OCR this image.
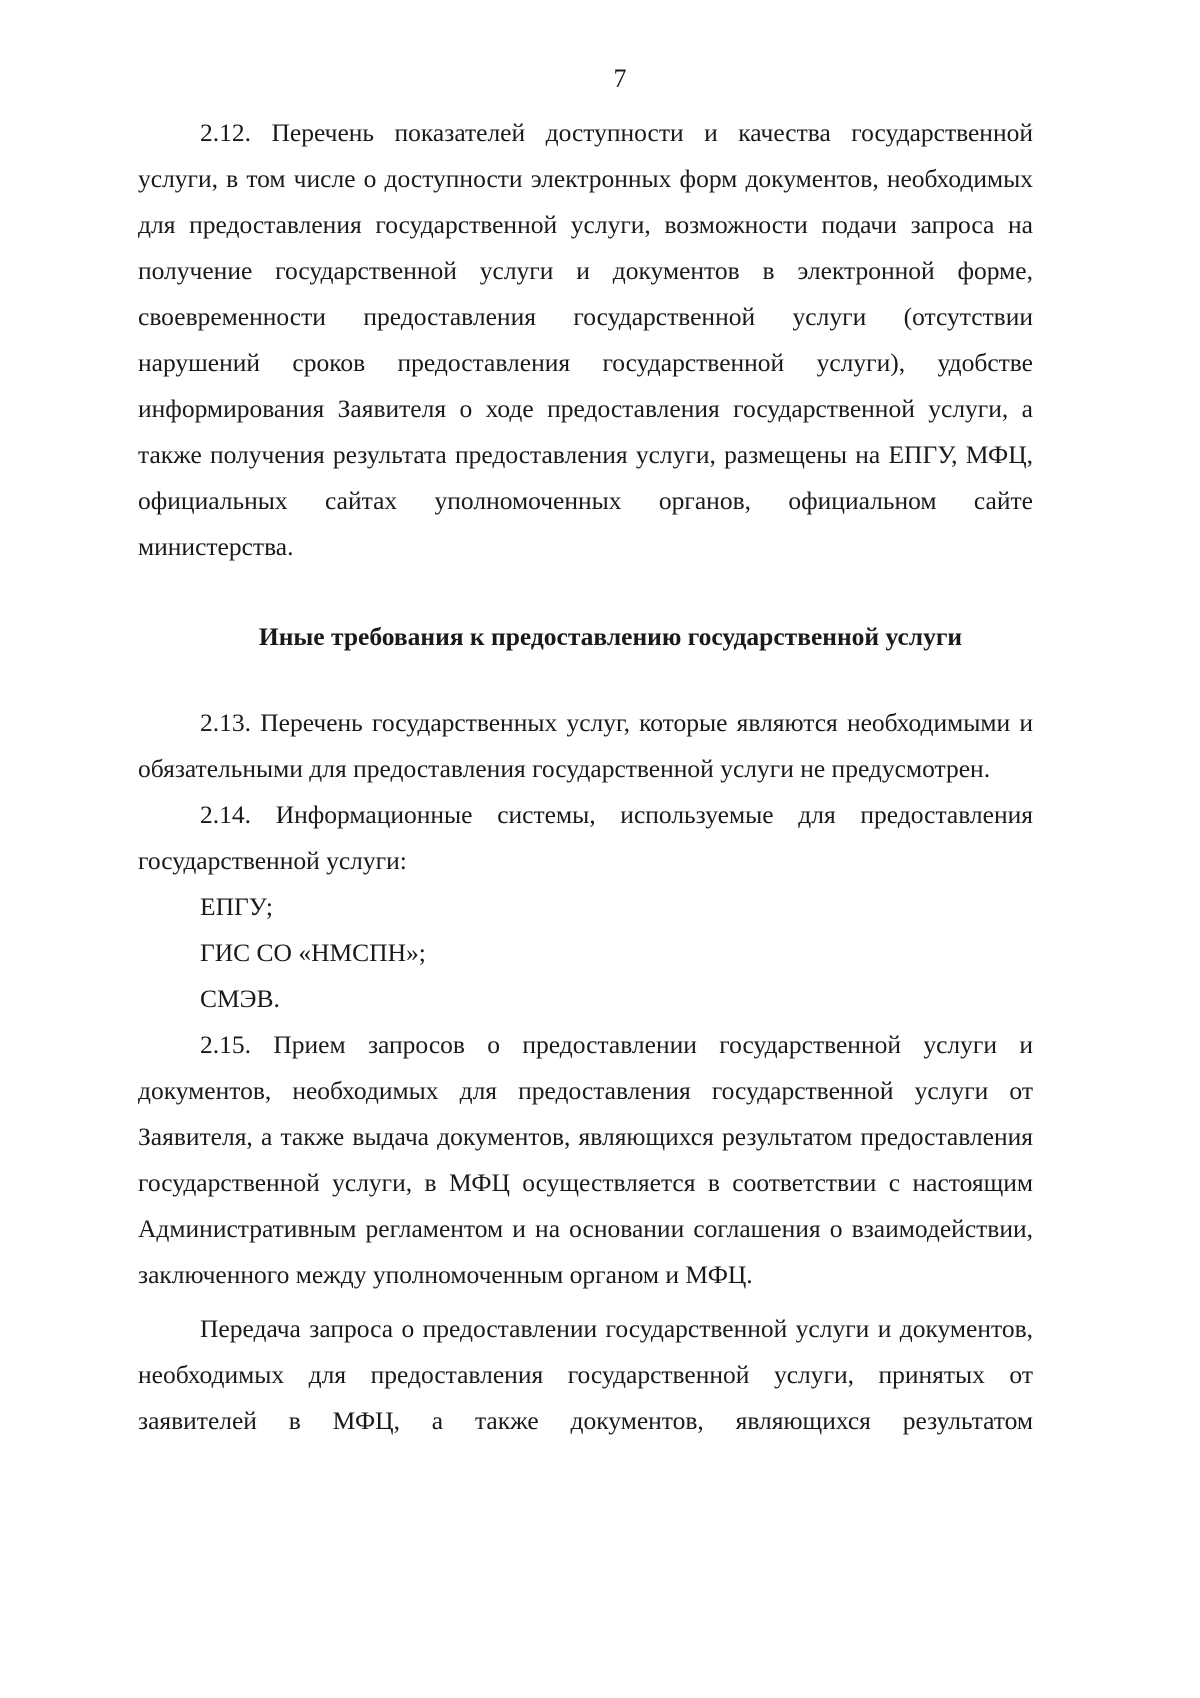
7

2.12. Перечень показателей доступности и качества государственной услуги, в том числе о доступности электронных форм документов, необходимых для предоставления государственной услуги, возможности подачи запроса на получение государственной услуги и документов в электронной форме, своевременности предоставления государственной услуги (отсутствии нарушений сроков предоставления государственной услуги), удобстве информирования Заявителя о ходе предоставления государственной услуги, а также получения результата предоставления услуги, размещены на ЕПГУ, МФЦ, официальных сайтах уполномоченных органов, официальном сайте министерства.

Иные требования к предоставлению государственной услуги

2.13. Перечень государственных услуг, которые являются необходимыми и обязательными для предоставления государственной услуги не предусмотрен.

2.14. Информационные системы, используемые для предоставления государственной услуги:

ЕПГУ;

ГИС СО «НМСПН»;

СМЭВ.

2.15. Прием запросов о предоставлении государственной услуги и документов, необходимых для предоставления государственной услуги от Заявителя, а также выдача документов, являющихся результатом предоставления государственной услуги, в МФЦ осуществляется в соответствии с настоящим Административным регламентом и на основании соглашения о взаимодействии, заключенного между уполномоченным органом и МФЦ.

Передача запроса о предоставлении государственной услуги и документов, необходимых для предоставления государственной услуги, принятых от заявителей в МФЦ, а также документов, являющихся результатом
